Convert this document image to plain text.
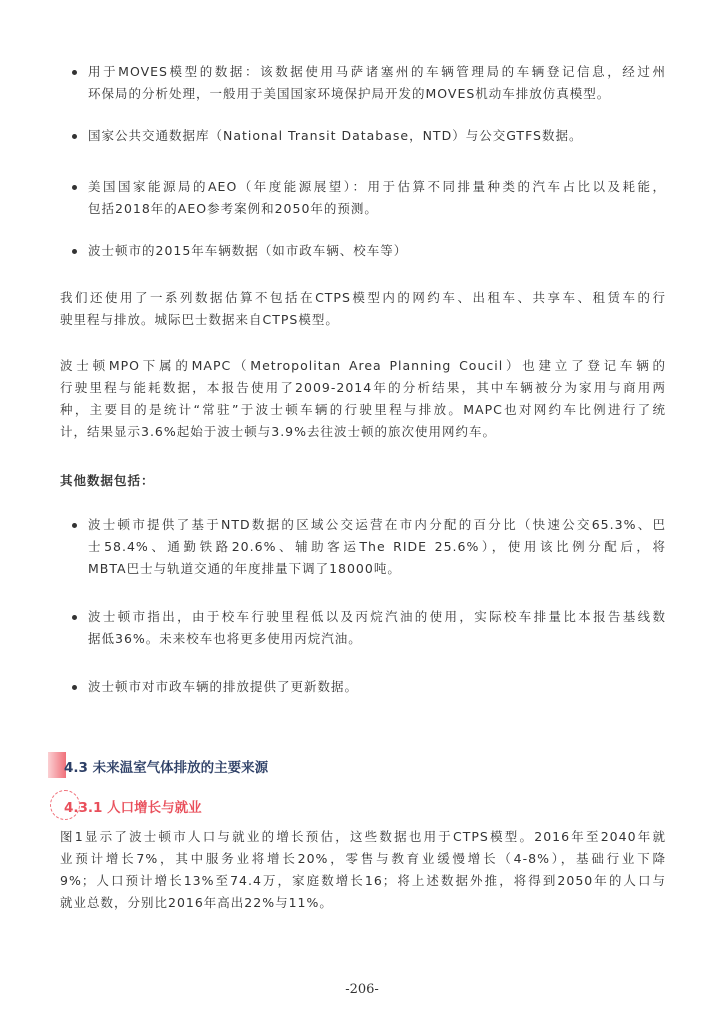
用于MOVES模型的数据：该数据使用马萨诸塞州的车辆管理局的车辆登记信息，经过州
环保局的分析处理，一般用于美国国家环境保护局开发的MOVES机动车排放仿真模型。
国家公共交通数据库（National Transit Database，NTD）与公交GTFS数据。
美国国家能源局的AEO（年度能源展望）：用于估算不同排量种类的汽车占比以及耗能，
包括2018年的AEO参考案例和2050年的预测。
波士顿市的2015年车辆数据（如市政车辆、校车等）
我们还使用了一系列数据估算不包括在CTPS模型内的网约车、出租车、共享车、租赁车的行
驶里程与排放。城际巴士数据来自CTPS模型。
波士顿MPO下属的MAPC（Metropolitan Area Planning Coucil）也建立了登记车辆的
行驶里程与能耗数据，本报告使用了2009-2014年的分析结果，其中车辆被分为家用与商用两
种，主要目的是统计“常驻”于波士顿车辆的行驶里程与排放。MAPC也对网约车比例进行了统
计，结果显示3.6%起始于波士顿与3.9%去往波士顿的旅次使用网约车。
其他数据包括：
波士顿市提供了基于NTD数据的区域公交运营在市内分配的百分比（快速公交65.3%、巴
士58.4%、通勤铁路20.6%、辅助客运The RIDE 25.6%），使用该比例分配后，将
MBTA巴士与轨道交通的年度排量下调了18000吨。
波士顿市指出，由于校车行驶里程低以及丙烷汽油的使用，实际校车排量比本报告基线数
据低36%。未来校车也将更多使用丙烷汽油。
波士顿市对市政车辆的排放提供了更新数据。
4.3 未来温室气体排放的主要来源
4.3.1 人口增长与就业
图1显示了波士顿市人口与就业的增长预估，这些数据也用于CTPS模型。2016年至2040年就
业预计增长7%，其中服务业将增长20%，零售与教育业缓慢增长（4-8%），基础行业下降
9%；人口预计增长13%至74.4万，家庭数增长16；将上述数据外推，将得到2050年的人口与
就业总数，分别比2016年高出22%与11%。
-206-
